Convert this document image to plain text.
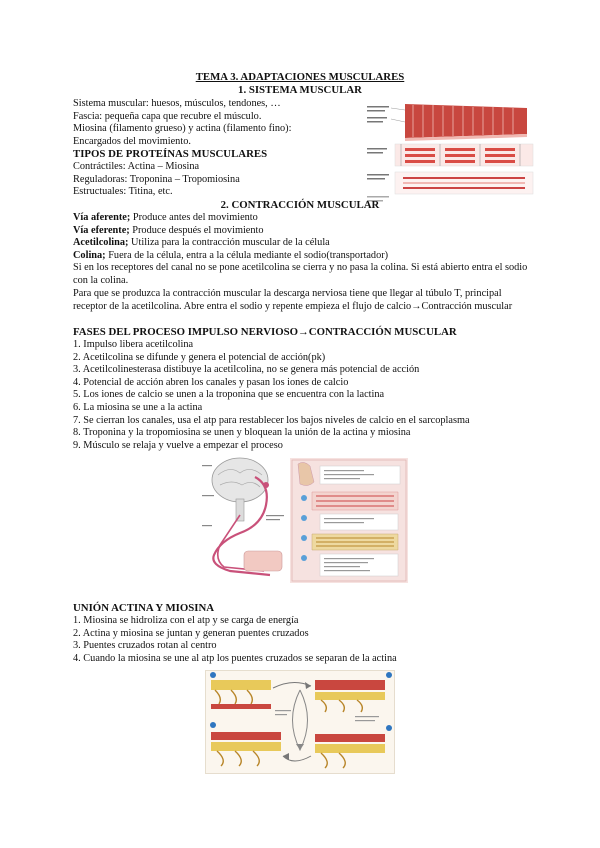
TEMA 3. ADAPTACIONES MUSCULARES
1. SISTEMA MUSCULAR
Sistema muscular: huesos, músculos, tendones, …
Fascia: pequeña capa que recubre el músculo.
Miosina (filamento grueso) y actina (filamento fino):
Encargados del movimiento.
TIPOS DE PROTEÍNAS MUSCULARES
Contráctiles: Actina – Miosina
Reguladoras: Troponina – Tropomiosina
Estructuales: Titina, etc.
2. CONTRACCIÓN MUSCULAR
Vía aferente; Produce antes del movimiento
Vía eferente; Produce después el movimiento
Acetilcolina; Utiliza para la contracción muscular de la célula
Colina; Fuera de la célula, entra a la célula mediante el sodio(transportador)
Si en los receptores del canal no se pone acetilcolina se cierra y no pasa la colina. Si está abierto entra el sodio con la colina.
Para que se produzca la contracción muscular la descarga nerviosa tiene que llegar al túbulo T, principal receptor de la acetilcolina. Abre entra el sodio y repente empieza el flujo de calcio→Contracción muscular
FASES DEL PROCESO IMPULSO NERVIOSO→CONTRACCIÓN MUSCULAR
1. Impulso libera acetilcolina
2. Acetilcolina se difunde y genera el potencial de acción(pk)
3. Acetilcolinesterasa distibuye la acetilcolina, no se genera más potencial de acción
4. Potencial de acción abren los canales y pasan los iones de calcio
5. Los iones de calcio se unen a la troponina que se encuentra con la lactina
6. La miosina se une a la actina
7. Se cierran los canales, usa el atp para restablecer los bajos niveles de calcio en el sarcoplasma
8. Troponina y la tropomiosina se unen y bloquean la unión de la actina y miosina
9. Músculo se relaja y vuelve a empezar el proceso
UNIÓN ACTINA Y MIOSINA
1. Miosina se hidroliza con el atp y se carga de energía
2. Actina y miosina se juntan y generan puentes cruzados
3. Puentes cruzados rotan al centro
4. Cuando la miosina se une al atp los puentes cruzados se separan de la actina
